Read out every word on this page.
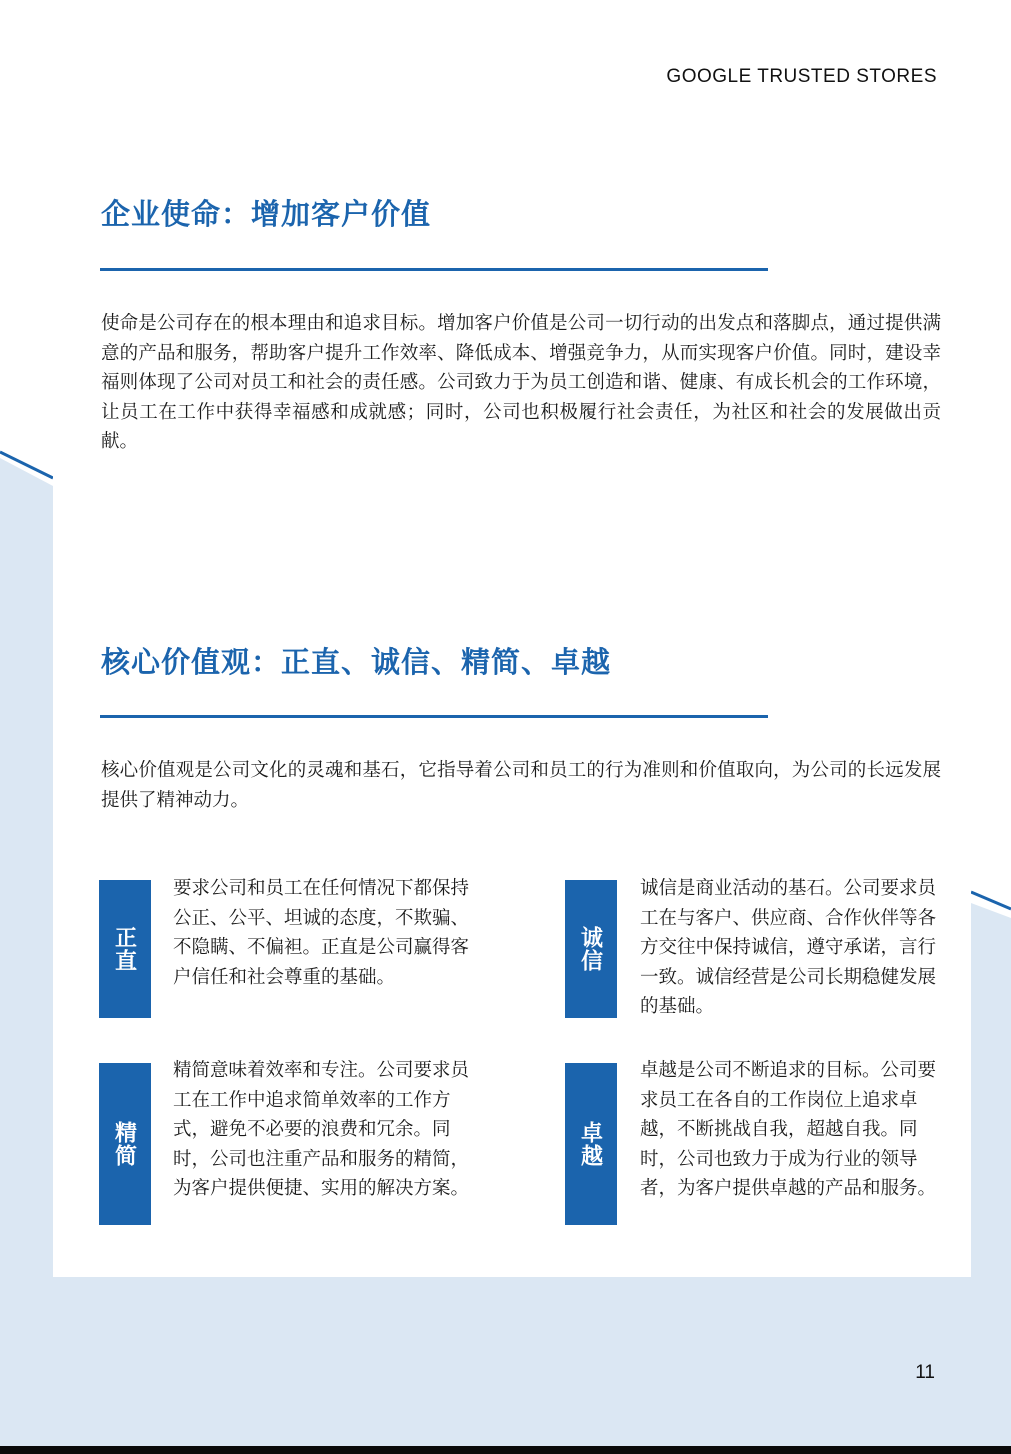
GOOGLE TRUSTED STORES
企业使命：增加客户价值
使命是公司存在的根本理由和追求目标。增加客户价值是公司一切行动的出发点和落脚点，通过提供满意的产品和服务，帮助客户提升工作效率、降低成本、增强竞争力，从而实现客户价值。同时，建设幸福则体现了公司对员工和社会的责任感。公司致力于为员工创造和谐、健康、有成长机会的工作环境，让员工在工作中获得幸福感和成就感；同时，公司也积极履行社会责任，为社区和社会的发展做出贡献。
核心价值观：正直、诚信、精简、卓越
核心价值观是公司文化的灵魂和基石，它指导着公司和员工的行为准则和价值取向，为公司的长远发展提供了精神动力。
正直
要求公司和员工在任何情况下都保持公正、公平、坦诚的态度，不欺骗、不隐瞒、不偏袒。正直是公司赢得客户信任和社会尊重的基础。
诚信
诚信是商业活动的基石。公司要求员工在与客户、供应商、合作伙伴等各方交往中保持诚信，遵守承诺，言行一致。诚信经营是公司长期稳健发展的基础。
精简
精简意味着效率和专注。公司要求员工在工作中追求简单效率的工作方式，避免不必要的浪费和冗余。同时，公司也注重产品和服务的精简，为客户提供便捷、实用的解决方案。
卓越
卓越是公司不断追求的目标。公司要求员工在各自的工作岗位上追求卓越，不断挑战自我，超越自我。同时，公司也致力于成为行业的领导者，为客户提供卓越的产品和服务。
11
